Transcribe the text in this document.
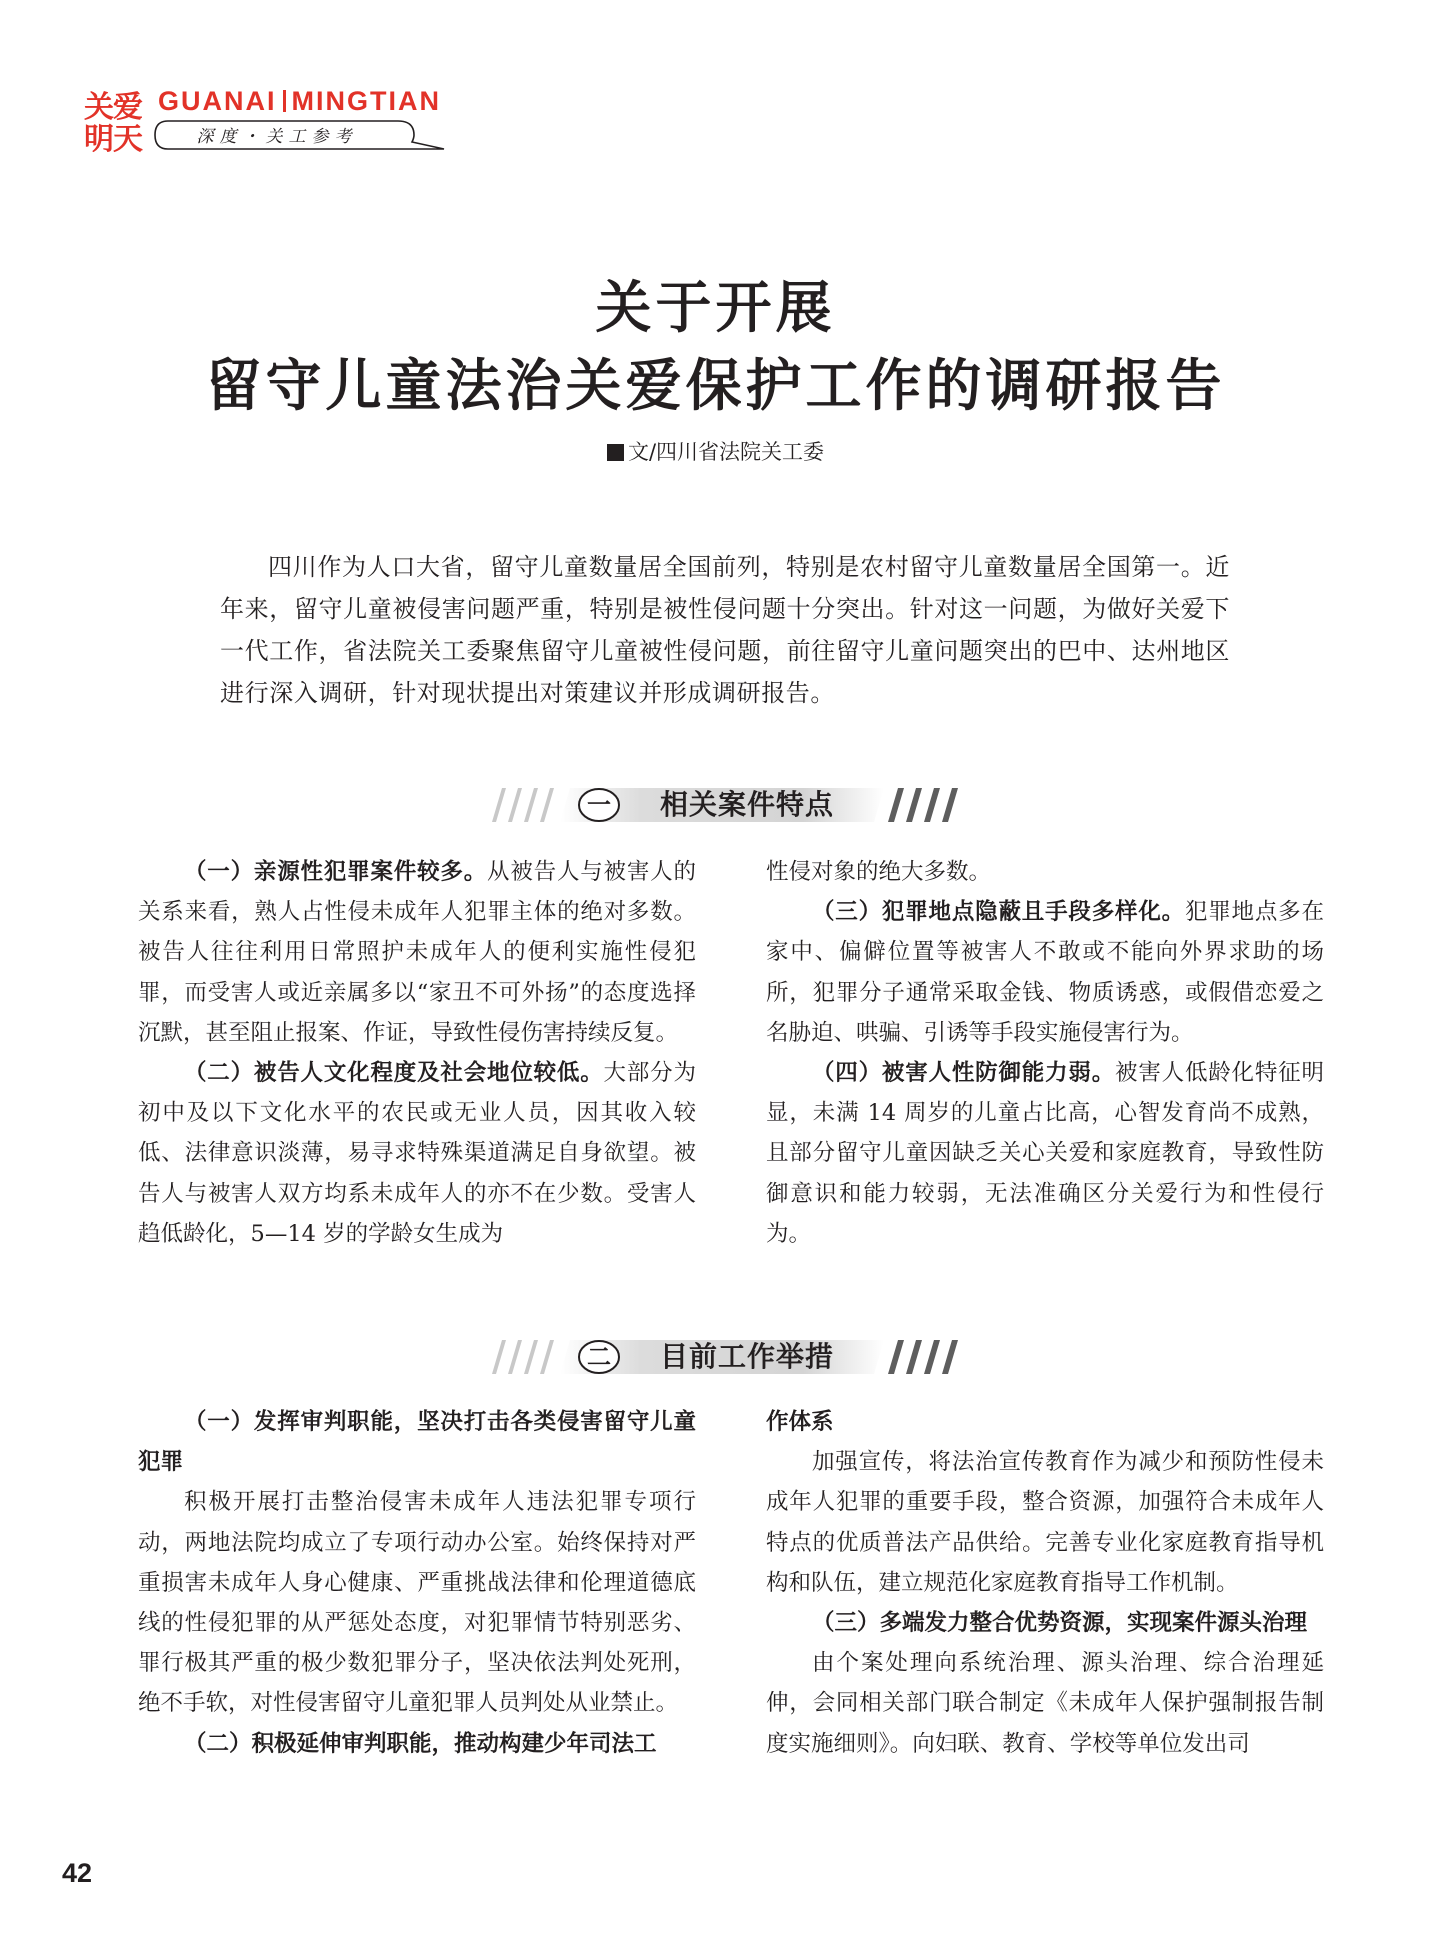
关爱
明天
GUANAI MINGTIAN
深度・关工参考
关于开展
留守儿童法治关爱保护工作的调研报告
文/四川省法院关工委
四川作为人口大省，留守儿童数量居全国前列，特别是农村留守儿童数量居全国第一。近年来，留守儿童被侵害问题严重，特别是被性侵问题十分突出。针对这一问题，为做好关爱下一代工作，省法院关工委聚焦留守儿童被性侵问题，前往留守儿童问题突出的巴中、达州地区进行深入调研，针对现状提出对策建议并形成调研报告。
一 相关案件特点

（一）亲源性犯罪案件较多。从被告人与被害人的关系来看，熟人占性侵未成年人犯罪主体的绝对多数。被告人往往利用日常照护未成年人的便利实施性侵犯罪，而受害人或近亲属多以“家丑不可外扬”的态度选择沉默，甚至阻止报案、作证，导致性侵伤害持续反复。

（二）被告人文化程度及社会地位较低。大部分为初中及以下文化水平的农民或无业人员，因其收入较低、法律意识淡薄，易寻求特殊渠道满足自身欲望。被告人与被害人双方均系未成年人的亦不在少数。受害人趋低龄化，5—14 岁的学龄女生成为

性侵对象的绝大多数。

（三）犯罪地点隐蔽且手段多样化。犯罪地点多在家中、偏僻位置等被害人不敢或不能向外界求助的场所，犯罪分子通常采取金钱、物质诱惑，或假借恋爱之名胁迫、哄骗、引诱等手段实施侵害行为。

（四）被害人性防御能力弱。被害人低龄化特征明显，未满 14 周岁的儿童占比高，心智发育尚不成熟，且部分留守儿童因缺乏关心关爱和家庭教育，导致性防御意识和能力较弱，无法准确区分关爱行为和性侵行为。

二 目前工作举措

（一）发挥审判职能，坚决打击各类侵害留守儿童犯罪

积极开展打击整治侵害未成年人违法犯罪专项行动，两地法院均成立了专项行动办公室。始终保持对严重损害未成年人身心健康、严重挑战法律和伦理道德底线的性侵犯罪的从严惩处态度，对犯罪情节特别恶劣、罪行极其严重的极少数犯罪分子，坚决依法判处死刑，绝不手软，对性侵害留守儿童犯罪人员判处从业禁止。

（二）积极延伸审判职能，推动构建少年司法工

作体系

加强宣传，将法治宣传教育作为减少和预防性侵未成年人犯罪的重要手段，整合资源，加强符合未成年人特点的优质普法产品供给。完善专业化家庭教育指导机构和队伍，建立规范化家庭教育指导工作机制。

（三）多端发力整合优势资源，实现案件源头治理

由个案处理向系统治理、源头治理、综合治理延伸，会同相关部门联合制定《未成年人保护强制报告制度实施细则》。向妇联、教育、学校等单位发出司

42
